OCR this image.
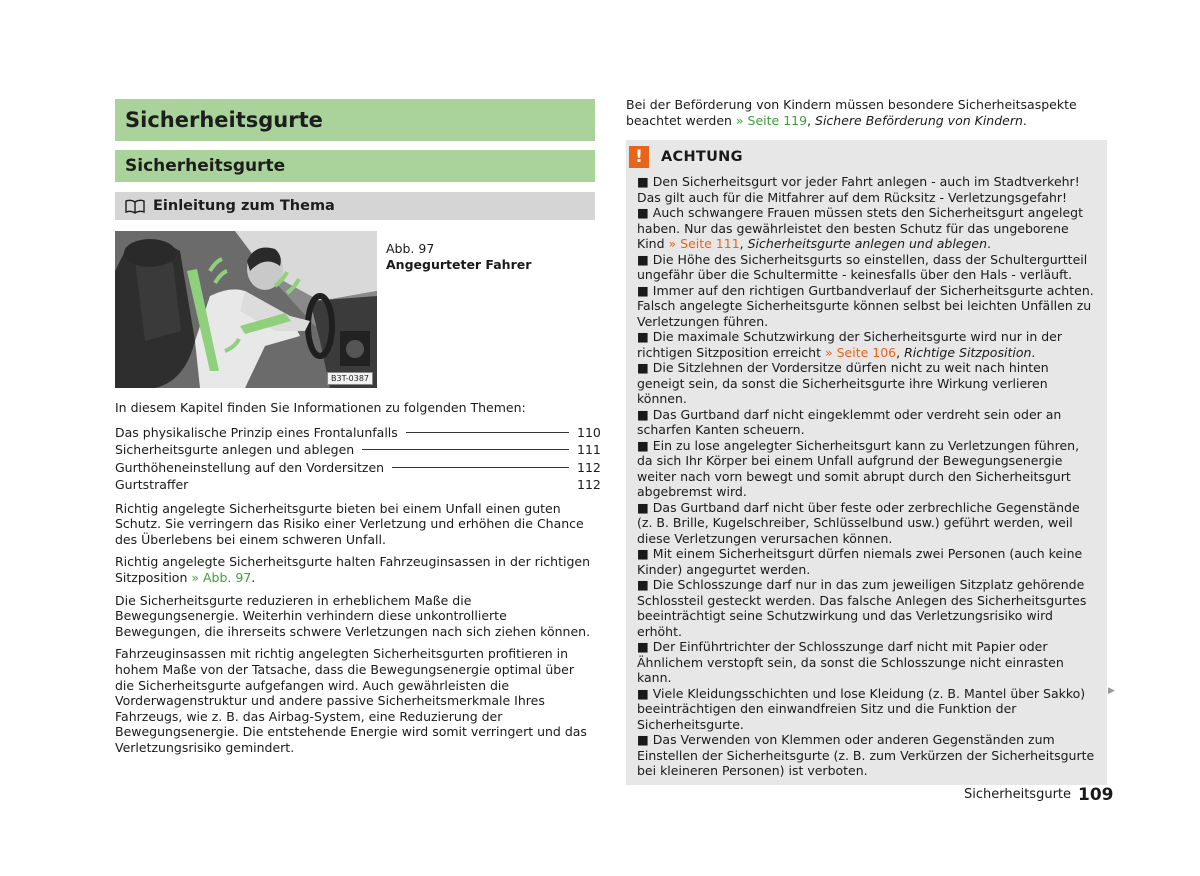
Sicherheitsgurte
Sicherheitsgurte
Einleitung zum Thema
B3T-0387
Abb. 97
Angegurteter Fahrer

In diesem Kapitel finden Sie Informationen zu folgenden Themen:

Das physikalische Prinzip eines Frontalunfalls	110
Sicherheitsgurte anlegen und ablegen	111
Gurthöheneinstellung auf den Vordersitzen	112
Gurtstraffer	112

Richtig angelegte Sicherheitsgurte bieten bei einem Unfall einen guten Schutz. Sie verringern das Risiko einer Verletzung und erhöhen die Chance des Überlebens bei einem schweren Unfall.

Richtig angelegte Sicherheitsgurte halten Fahrzeuginsassen in der richtigen Sitzposition » Abb. 97.

Die Sicherheitsgurte reduzieren in erheblichem Maße die Bewegungsenergie. Weiterhin verhindern diese unkontrollierte Bewegungen, die ihrerseits schwere Verletzungen nach sich ziehen können.

Fahrzeuginsassen mit richtig angelegten Sicherheitsgurten profitieren in hohem Maße von der Tatsache, dass die Bewegungsenergie optimal über die Sicherheitsgurte aufgefangen wird. Auch gewährleisten die Vorderwagenstruktur und andere passive Sicherheitsmerkmale Ihres Fahrzeugs, wie z. B. das Airbag-System, eine Reduzierung der Bewegungsenergie. Die entstehende Energie wird somit verringert und das Verletzungsrisiko gemindert.

Bei der Beförderung von Kindern müssen besondere Sicherheitsaspekte beachtet werden » Seite 119, Sichere Beförderung von Kindern.

!	ACHTUNG

■ Den Sicherheitsgurt vor jeder Fahrt anlegen - auch im Stadtverkehr! Das gilt auch für die Mitfahrer auf dem Rücksitz - Verletzungsgefahr!

■ Auch schwangere Frauen müssen stets den Sicherheitsgurt angelegt haben. Nur das gewährleistet den besten Schutz für das ungeborene Kind » Seite 111, Sicherheitsgurte anlegen und ablegen.

■ Die Höhe des Sicherheitsgurts so einstellen, dass der Schultergurtteil ungefähr über die Schultermitte - keinesfalls über den Hals - verläuft.

■ Immer auf den richtigen Gurtbandverlauf der Sicherheitsgurte achten. Falsch angelegte Sicherheitsgurte können selbst bei leichten Unfällen zu Verletzungen führen.

■ Die maximale Schutzwirkung der Sicherheitsgurte wird nur in der richtigen Sitzposition erreicht » Seite 106, Richtige Sitzposition.

■ Die Sitzlehnen der Vordersitze dürfen nicht zu weit nach hinten geneigt sein, da sonst die Sicherheitsgurte ihre Wirkung verlieren können.

■ Das Gurtband darf nicht eingeklemmt oder verdreht sein oder an scharfen Kanten scheuern.

■ Ein zu lose angelegter Sicherheitsgurt kann zu Verletzungen führen, da sich Ihr Körper bei einem Unfall aufgrund der Bewegungsenergie weiter nach vorn bewegt und somit abrupt durch den Sicherheitsgurt abgebremst wird.

■ Das Gurtband darf nicht über feste oder zerbrechliche Gegenstände (z. B. Brille, Kugelschreiber, Schlüsselbund usw.) geführt werden, weil diese Verletzungen verursachen können.

■ Mit einem Sicherheitsgurt dürfen niemals zwei Personen (auch keine Kinder) angegurtet werden.

■ Die Schlosszunge darf nur in das zum jeweiligen Sitzplatz gehörende Schlossteil gesteckt werden. Das falsche Anlegen des Sicherheitsgurtes beeinträchtigt seine Schutzwirkung und das Verletzungsrisiko wird erhöht.

■ Der Einführtrichter der Schlosszunge darf nicht mit Papier oder Ähnlichem verstopft sein, da sonst die Schlosszunge nicht einrasten kann.

■ Viele Kleidungsschichten und lose Kleidung (z. B. Mantel über Sakko) beeinträchtigen den einwandfreien Sitz und die Funktion der Sicherheitsgurte.

■ Das Verwenden von Klemmen oder anderen Gegenständen zum Einstellen der Sicherheitsgurte (z. B. zum Verkürzen der Sicherheitsgurte bei kleineren Personen) ist verboten.

▶
Sicherheitsgurte 109
